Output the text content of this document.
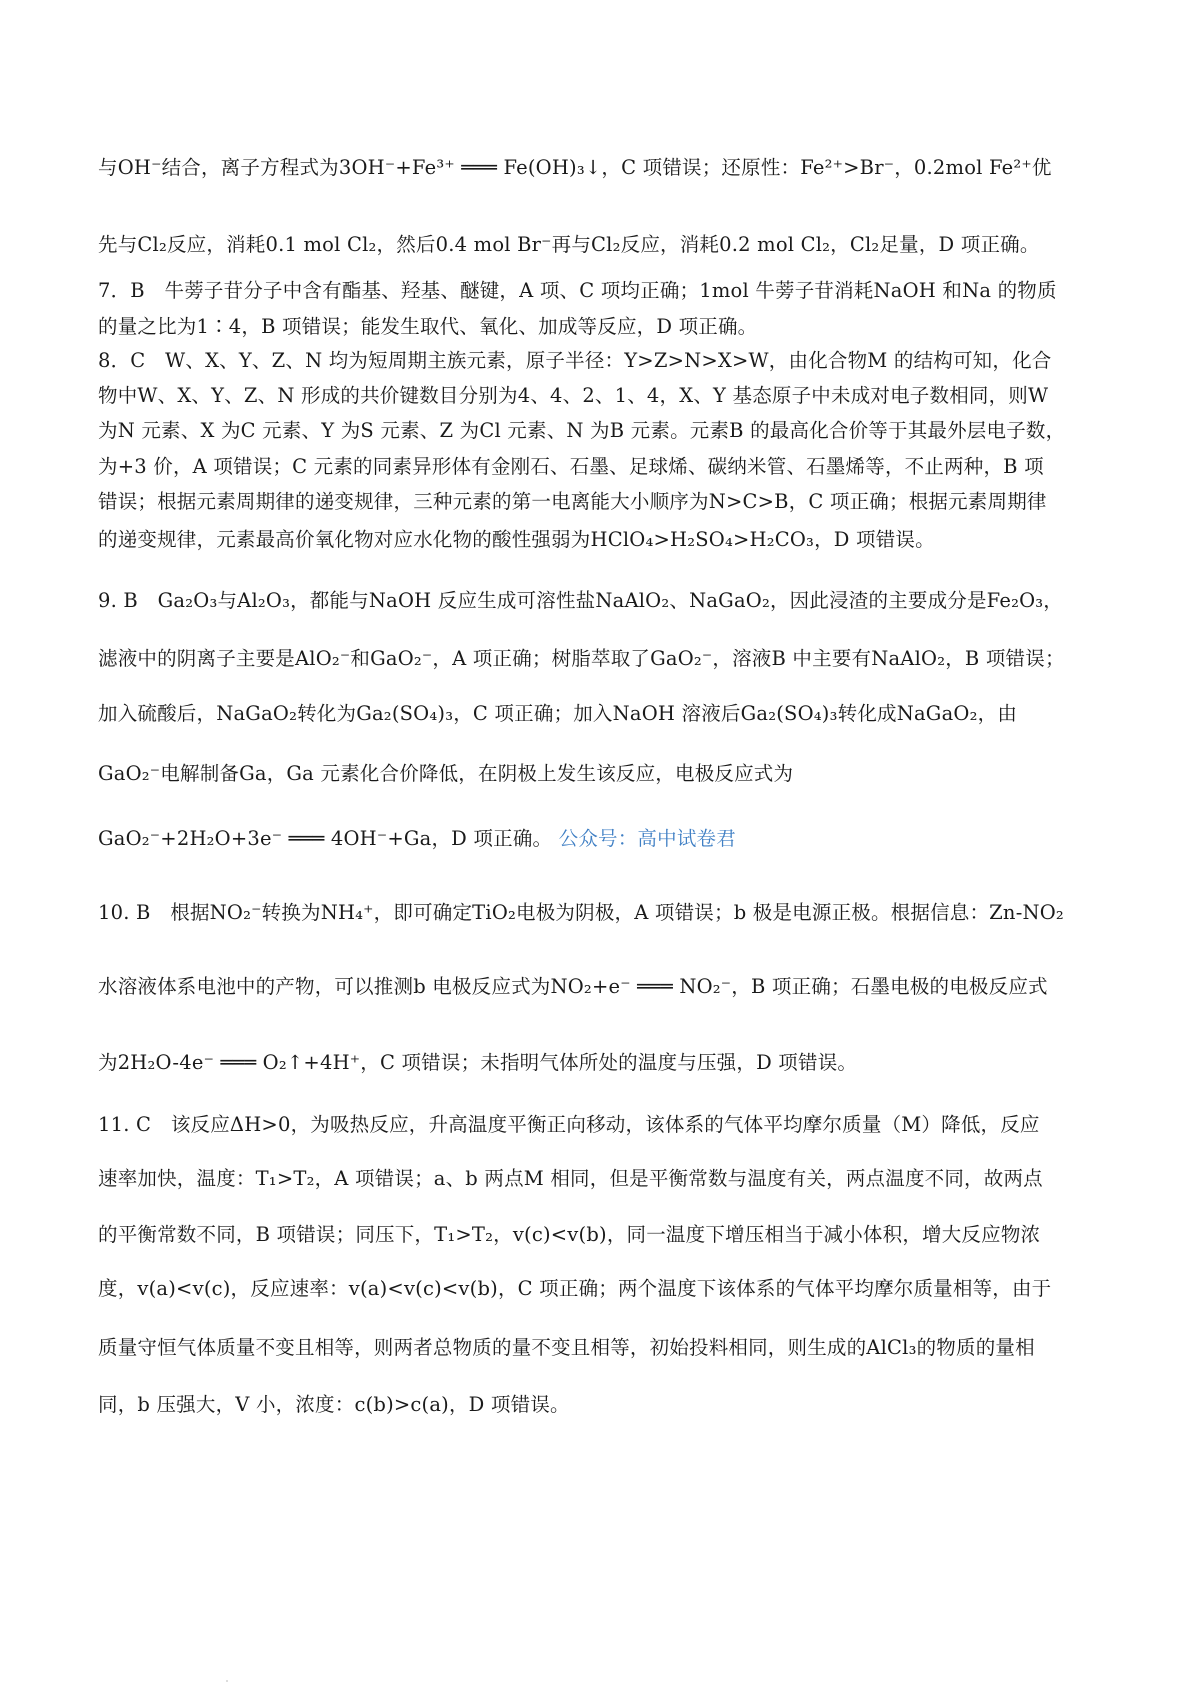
与OH⁻结合，离子方程式为3OH⁻+Fe³⁺ ═══ Fe(OH)₃↓，C 项错误；还原性：Fe²⁺>Br⁻，0.2mol Fe²⁺优
先与Cl₂反应，消耗0.1 mol Cl₂，然后0.4 mol Br⁻再与Cl₂反应，消耗0.2 mol Cl₂，Cl₂足量，D 项正确。
7．B　牛蒡子苷分子中含有酯基、羟基、醚键，A 项、C 项均正确；1mol 牛蒡子苷消耗NaOH 和Na 的物质
的量之比为1∶4，B 项错误；能发生取代、氧化、加成等反应，D 项正确。
8．C　W、X、Y、Z、N 均为短周期主族元素，原子半径：Y>Z>N>X>W，由化合物M 的结构可知，化合
物中W、X、Y、Z、N 形成的共价键数目分别为4、4、2、1、4，X、Y 基态原子中未成对电子数相同，则W
为N 元素、X 为C 元素、Y 为S 元素、Z 为Cl 元素、N 为B 元素。元素B 的最高化合价等于其最外层电子数，
为+3 价，A 项错误；C 元素的同素异形体有金刚石、石墨、足球烯、碳纳米管、石墨烯等，不止两种，B 项
错误；根据元素周期律的递变规律，三种元素的第一电离能大小顺序为N>C>B，C 项正确；根据元素周期律
的递变规律，元素最高价氧化物对应水化物的酸性强弱为HClO₄>H₂SO₄>H₂CO₃，D 项错误。
9. B　Ga₂O₃与Al₂O₃，都能与NaOH 反应生成可溶性盐NaAlO₂、NaGaO₂，因此浸渣的主要成分是Fe₂O₃，
滤液中的阴离子主要是AlO₂⁻和GaO₂⁻，A 项正确；树脂萃取了GaO₂⁻，溶液B 中主要有NaAlO₂，B 项错误；
加入硫酸后，NaGaO₂转化为Ga₂(SO₄)₃，C 项正确；加入NaOH 溶液后Ga₂(SO₄)₃转化成NaGaO₂，由
GaO₂⁻电解制备Ga，Ga 元素化合价降低，在阴极上发生该反应，电极反应式为
GaO₂⁻+2H₂O+3e⁻ ═══ 4OH⁻+Ga，D 项正确。 公众号：高中试卷君
10. B　根据NO₂⁻转换为NH₄⁺，即可确定TiO₂电极为阴极，A 项错误；b 极是电源正极。根据信息：Zn-NO₂
水溶液体系电池中的产物，可以推测b 电极反应式为NO₂+e⁻ ═══ NO₂⁻，B 项正确；石墨电极的电极反应式
为2H₂O-4e⁻ ═══ O₂↑+4H⁺，C 项错误；未指明气体所处的温度与压强，D 项错误。
11. C　该反应ΔH>0，为吸热反应，升高温度平衡正向移动，该体系的气体平均摩尔质量（M）降低，反应
速率加快，温度：T₁>T₂，A 项错误；a、b 两点M 相同，但是平衡常数与温度有关，两点温度不同，故两点
的平衡常数不同，B 项错误；同压下，T₁>T₂，v(c)<v(b)，同一温度下增压相当于减小体积，增大反应物浓
度，v(a)<v(c)，反应速率：v(a)<v(c)<v(b)，C 项正确；两个温度下该体系的气体平均摩尔质量相等，由于
质量守恒气体质量不变且相等，则两者总物质的量不变且相等，初始投料相同，则生成的AlCl₃的物质的量相
同，b 压强大，V 小，浓度：c(b)>c(a)，D 项错误。
